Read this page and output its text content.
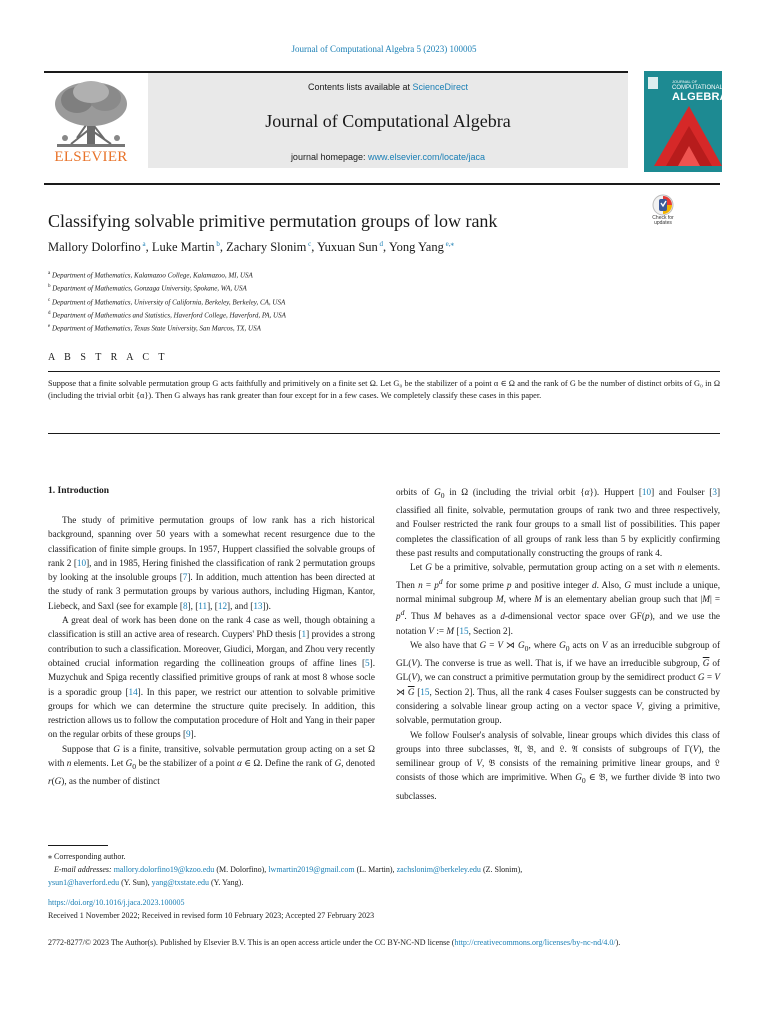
Journal of Computational Algebra 5 (2023) 100005
Contents lists available at ScienceDirect
Journal of Computational Algebra
journal homepage: www.elsevier.com/locate/jaca
ELSEVIER
JOURNAL OF
COMPUTATIONAL
ALGEBRA
Check for
updates
Classifying solvable primitive permutation groups of low rank
Mallory Dolorfino $^a$, Luke Martin $^b$, Zachary Slonim $^c$, Yuxuan Sun $^d$, Yong Yang $^{e,⁎}$
$^a$ Department of Mathematics, Kalamazoo College, Kalamazoo, MI, USA
$^b$ Department of Mathematics, Gonzaga University, Spokane, WA, USA
$^c$ Department of Mathematics, University of California, Berkeley, Berkeley, CA, USA
$^d$ Department of Mathematics and Statistics, Haverford College, Haverford, PA, USA
$^e$ Department of Mathematics, Texas State University, San Marcos, TX, USA
A B S T R A C T
Suppose that a finite solvable permutation group G acts faithfully and primitively on a finite set Ω. Let G₀ be the stabilizer of a point α ∈ Ω and the rank of G be the number of distinct orbits of G₀ in Ω (including the trivial orbit {α}). Then G always has rank greater than four except for in a few cases. We completely classify these cases in this paper.
1. Introduction

The study of primitive permutation groups of low rank has a rich historical background, spanning over 50 years with a somewhat recent resurgence due to the classification of finite simple groups. In 1957, Huppert classified the solvable groups of rank 2 [10], and in 1985, Hering finished the classification of rank 2 permutation groups by looking at the insoluble groups [7]. In addition, much attention has been directed at the study of rank 3 permutation groups by various authors, including Higman, Kantor, Liebeck, and Saxl (see for example [8], [11], [12], and [13]).

A great deal of work has been done on the rank 4 case as well, though obtaining a classification is still an active area of research. Cuypers' PhD thesis [1] provides a strong contribution to such a classification. Moreover, Giudici, Morgan, and Zhou very recently obtained crucial information regarding the collineation groups of affine lines [5]. Muzychuk and Spiga recently classified primitive groups of rank at most 8 whose socle is a sporadic group [14]. In this paper, we restrict our attention to solvable primitive groups for which we can determine the structure quite precisely. In addition, this restriction allows us to follow the computation procedure of Holt and Yang in their paper on the regular orbits of these groups [9].

Suppose that G is a finite, transitive, solvable permutation group acting on a set Ω with n elements. Let $G_0$ be the stabilizer of a point α ∈ Ω. Define the rank of G, denoted r(G), as the number of distinct

orbits of $G_0$ in Ω (including the trivial orbit {α}). Huppert [10] and Foulser [3] classified all finite, solvable, permutation groups of rank two and three respectively, and Foulser restricted the rank four groups to a small list of possibilities. This paper completes the classification of all groups of rank less than 5 by explicitly confirming these past results and computationally constructing the groups of rank 4.

Let G be a primitive, solvable, permutation group acting on a set with n elements. Then $n = p^d$ for some prime p and positive integer d. Also, G must include a unique, normal minimal subgroup M, where M is an elementary abelian group such that $|M| = p^d$. Thus M behaves as a d-dimensional vector space over GF(p), and we use the notation V := M [15, Section 2].

We also have that G = V ⋊ $G_0$, where $G_0$ acts on V as an irreducible subgroup of GL(V). The converse is true as well. That is, if we have an irreducible subgroup, $\overline{G}$ of GL(V), we can construct a primitive permutation group by the semidirect product G = V ⋊ $\overline{G}$ [15, Section 2]. Thus, all the rank 4 cases Foulser suggests can be constructed by considering a solvable linear group acting on a vector space V, giving a primitive, solvable, permutation group.

We follow Foulser's analysis of solvable, linear groups which divides this class of groups into three subclasses, 𝔄, 𝔅, and 𝔏. 𝔄 consists of subgroups of Γ(V), the semilinear group of V, 𝔅 consists of the remaining primitive linear groups, and 𝔏 consists of those which are imprimitive. When $G_0$ ∈ 𝔅, we further divide 𝔅 into two subclasses.

⁎ Corresponding author.
E-mail addresses: mallory.dolorfino19@kzoo.edu (M. Dolorfino), lwmartin2019@gmail.com (L. Martin), zachslonim@berkeley.edu (Z. Slonim),
ysun1@haverford.edu (Y. Sun), yang@txstate.edu (Y. Yang).
https://doi.org/10.1016/j.jaca.2023.100005
Received 1 November 2022; Received in revised form 10 February 2023; Accepted 27 February 2023
2772-8277/© 2023 The Author(s). Published by Elsevier B.V. This is an open access article under the CC BY-NC-ND license (http://creativecommons.org/licenses/by-nc-nd/4.0/).
